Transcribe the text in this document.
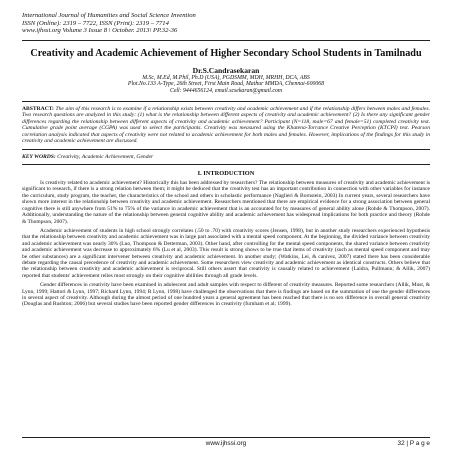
International Journal of Humanities and Social Science Invention
ISSN (Online): 2319 – 7722, ISSN (Print): 2319 – 7714
www.ijhssi.org Volume 3 Issue 8 \ October. 2013\ PP.32-36
Creativity and Academic Achievement of Higher Secondary School Students in Tamilnadu
Dr.S.Candrasekaran
M.Sc, M.Ed, M.Phil, Ph.D (USA), PGDSMM, MDH, MRHH, DCA, ABS
Plot.No.133 A-Type, 26th Street, First Main Road, Mathur MMDA, Chennai-600068
Cell: 9444656124, email.scsekaran@gmail.com
ABSTRACT: The aim of this research is to examine if a relationship exists between creativity and academic achievement and if the relationship differs between males and females. Two research questions are analyzed in this study: (1) what is the relationship between different aspects of creativity and academic achievement? (2) Is there any significant gender differences regarding the relationship between different aspects of creativity and academic achievement? Participant (N=118, male=67 and female=51) completed creativity test. Cumulative grade point average (CGPA) was used to select the participants. Creativity was measured using the Khatena-Torrance Creative Perception (KTCPI) test. Pearson correlation analysis indicated that aspects of creativity were not related to academic achievement for both males and females. However, implications of the findings for this study in creativity and academic achievement are discussed.
KEY WORDS: Creativity, Academic Achievement, Gender
I. INTRODUCTION

Is creativity related to academic achievement? Historically this has been addressed by researchers? The relationship between measures of creativity and academic achievement is significant to research, if there is a strong relation between them; it might be deduced that the creativity test has an important contribution in connection with other variables for instance the curriculum, study program, the teacher, the characteristics of the school and others in scholastic performance (Naglieri & Bornstein, 2003) In current years, several researchers have shown more interest in the relationship between creativity and academic achievement. Researchers mentioned that there are empirical evidence for a strong association between general cognitive there is still anywhere from 51% to 75% of the variance in academic achievement that is an accounted for by measures of general ability alone (Rohde & Thompson, 2007). Additionally, understanding the nature of the relationship between general cognitive ability and academic achievement has widespread implications for both practice and theory (Rohde & Thompson, 2007).

Academic achievement of students in high school strongly correlates (.50 to .70) with creativity scores (Jensen, 1998), but in another study researchers experienced hypothesis that the relationship between creativity and academic achievement was in large part associated with a mental speed component. At the beginning, the divided variance between creativity and academic achievement was nearly 30% (Luo, Thompson & Detterman, 2003). Other hand, after controlling for the mental speed components, the shared variance between creativity and academic achievement was decrease to approximately 6% (Lu et al, 2003). This result is strong shows to be true that items of creativity (such as mental speed component and may be other substances) are a significant intervener between creativity and academic achievement. In another study; (Watkins, Lei, & canivez, 2007) stated there has been considerable debate regarding the causal precedence of creativity and academic achievement. Some researchers view creativity and academic achievement as identical constructs. Others believe that the relationship between creativity and academic achievement is reciprocal. Still others assert that creativity is causally related to achievement (Laidra, Pullmann; & Allik, 2007) reported that students' achievement relies most strongly on their cognitive abilities through all grade levels.

Gender differences in creativity have been examined in adolescent and adult samples with respect to different of creativity measures. Reported some researchers (Allik, Must, & Lynn, 1999; Hattori & Lynn, 1997; Richard Lynn, 1994; R Lynn, 1998) have challenged the observations that there is findings are based on the summation of one the gender differences in several aspect of creativity. Although during the almost period of one hundred years a general agreement has been reached that there is no sex difference in overall general creativity (Douglas and Rushton; 2006) but several studies have been reported gender differences in creativity (furnham et al; 1999).

www.ijhssi.org	32 | P a g e
